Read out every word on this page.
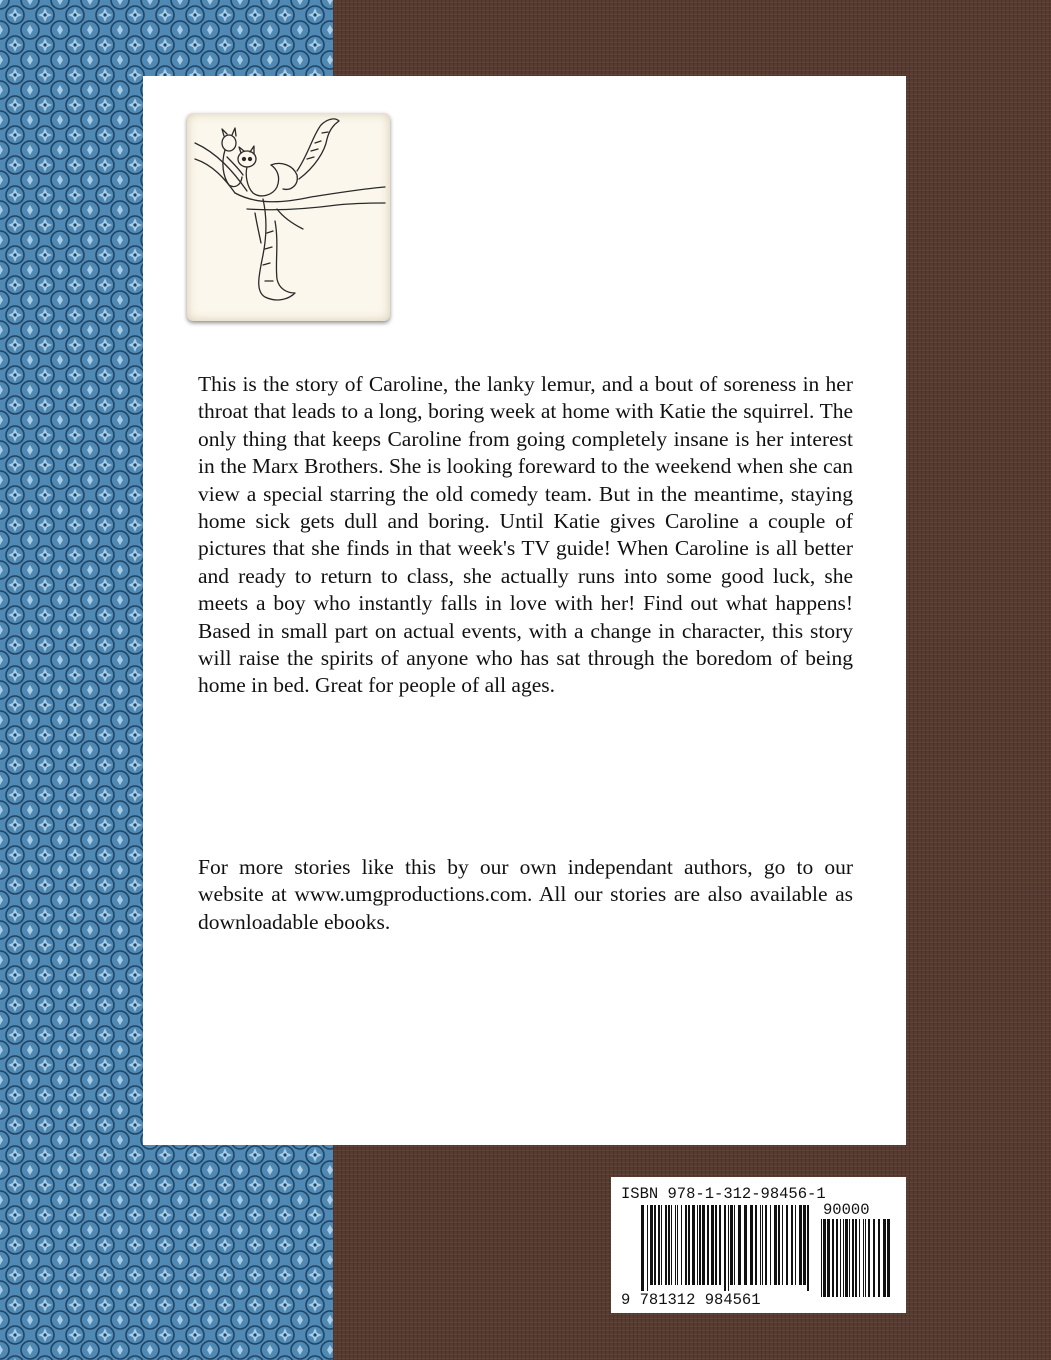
This is the story of Caroline, the lanky lemur, and a bout of soreness in her throat that leads to a long, boring week at home with Katie the squirrel. The only thing that keeps Caroline from going completely insane is her interest in the Marx Brothers. She is looking foreward to the weekend when she can view a special starring the old comedy team. But in the meantime, staying home sick gets dull and boring. Until Katie gives Caroline a couple of pictures that she finds in that week's TV guide! When Caroline is all better and ready to return to class, she actually runs into some good luck, she meets a boy who instantly falls in love with her! Find out what happens! Based in small part on actual events, with a change in character, this story will raise the spirits of anyone who has sat through the boredom of being home in bed. Great for people of all ages.
For more stories like this by our own independant authors, go to our website at www.umgproductions.com. All our stories are also available as downloadable ebooks.
ISBN 978-1-312-98456-1
90000
9 781312 984561
